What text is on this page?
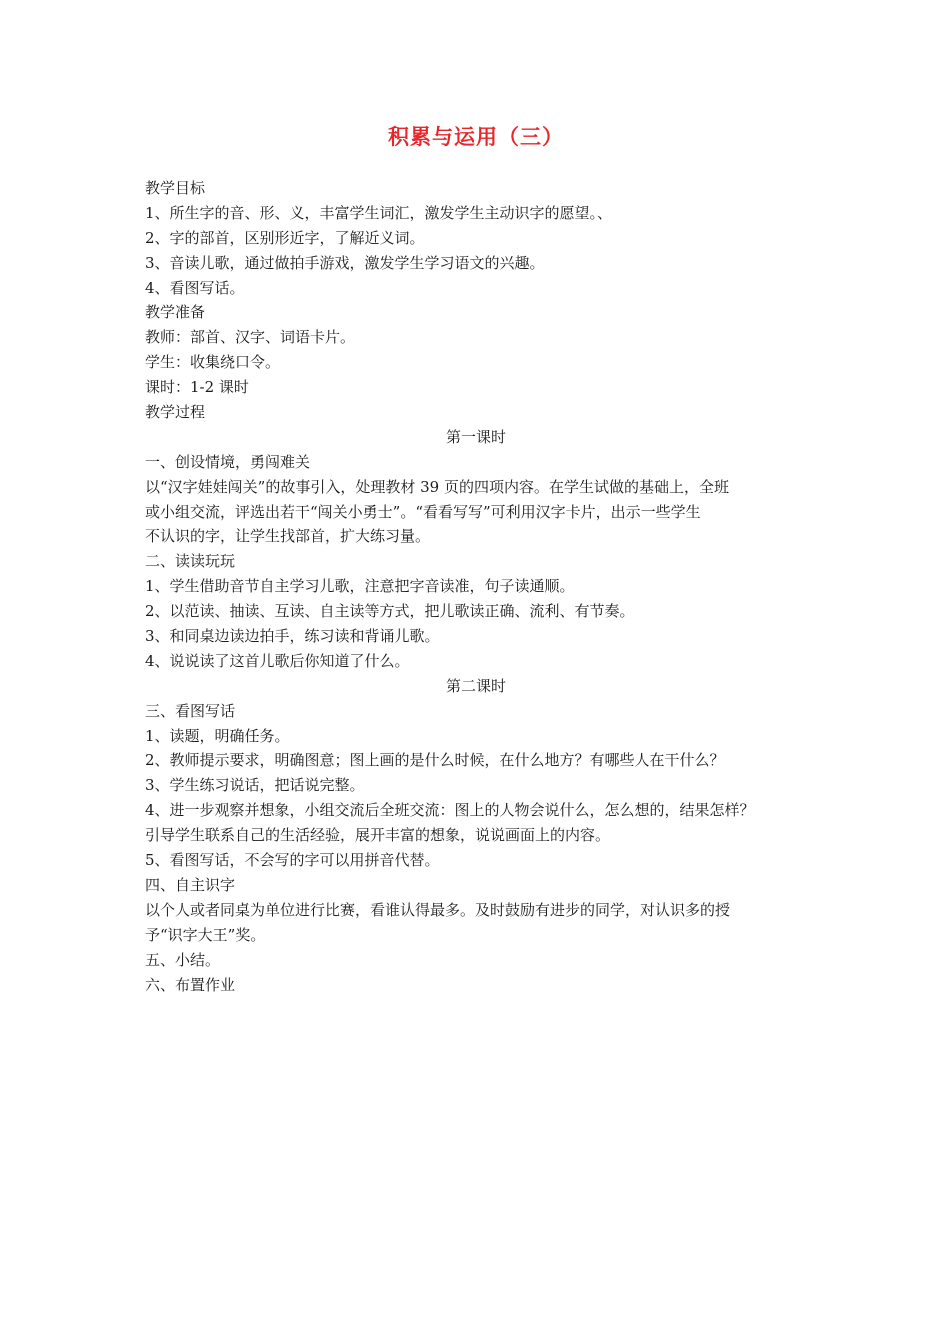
积累与运用（三）
教学目标
1、所生字的音、形、义，丰富学生词汇，激发学生主动识字的愿望。、
2、字的部首，区别形近字，了解近义词。
3、音读儿歌，通过做拍手游戏，激发学生学习语文的兴趣。
4、看图写话。
教学准备
教师：部首、汉字、词语卡片。
学生：收集绕口令。
课时：1-2 课时
教学过程
第一课时
一、创设情境，勇闯难关
以“汉字娃娃闯关”的故事引入，处理教材 39 页的四项内容。在学生试做的基础上，全班
或小组交流，评选出若干“闯关小勇士”。“看看写写”可利用汉字卡片，出示一些学生
不认识的字，让学生找部首，扩大练习量。
二、读读玩玩
1、学生借助音节自主学习儿歌，注意把字音读准，句子读通顺。
2、以范读、抽读、互读、自主读等方式，把儿歌读正确、流利、有节奏。
3、和同桌边读边拍手，练习读和背诵儿歌。
4、说说读了这首儿歌后你知道了什么。
第二课时
三、看图写话
1、读题，明确任务。
2、教师提示要求，明确图意；图上画的是什么时候，在什么地方？有哪些人在干什么？
3、学生练习说话，把话说完整。
4、进一步观察并想象，小组交流后全班交流：图上的人物会说什么，怎么想的，结果怎样？
引导学生联系自己的生活经验，展开丰富的想象，说说画面上的内容。
5、看图写话，不会写的字可以用拼音代替。
四、自主识字
以个人或者同桌为单位进行比赛，看谁认得最多。及时鼓励有进步的同学，对认识多的授
予“识字大王”奖。
五、小结。
六、布置作业
